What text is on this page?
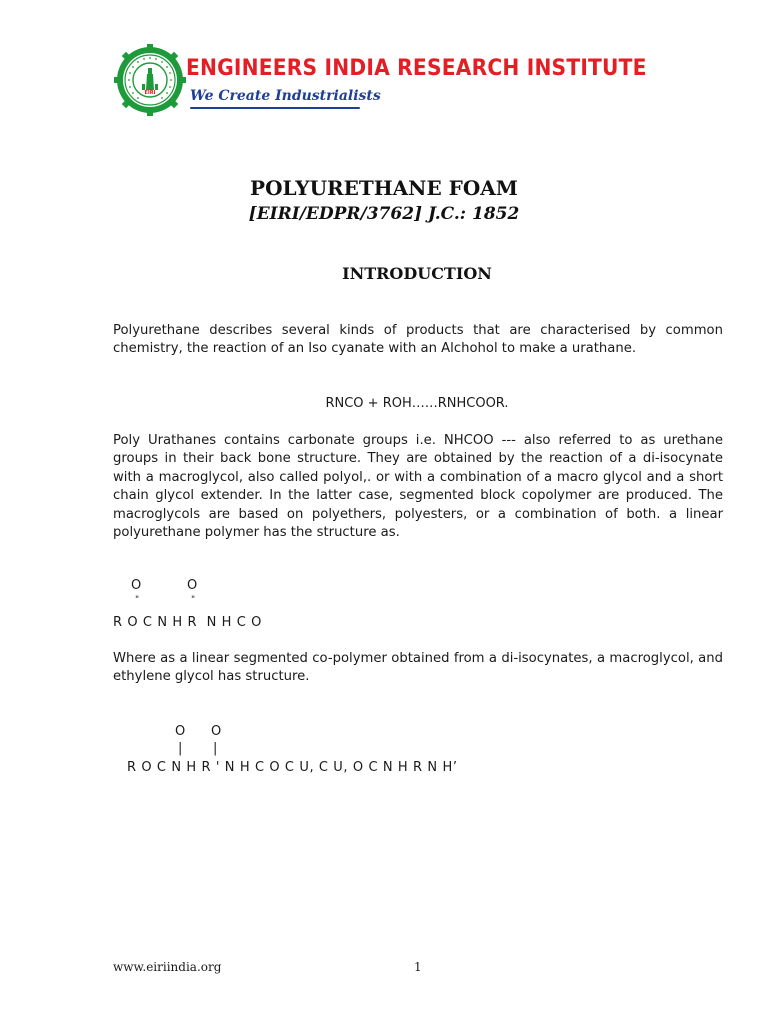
EIRI
ENGINEERS INDIA RESEARCH INSTITUTE
We Create Industrialists
POLYURETHANE FOAM
[EIRI/EDPR/3762] J.C.: 1852
INTRODUCTION
Polyurethane describes several kinds of products that are characterised by common chemistry, the reaction of an Iso cyanate with an Alchohol to make a urathane.
RNCO + ROH……RNHCOOR.
Poly Urathanes contains carbonate groups i.e. NHCOO --- also referred to as urethane groups in their back bone structure. They are obtained by the reaction of a di-isocynate with a macroglycol, also called polyol,. or with a combination of a macro glycol and a short chain glycol extender. In the latter case, segmented block copolymer are produced. The macroglycols are based on polyethers, polyesters, or a combination of both. a linear polyurethane polymer has the structure as.
O	O
"	"
R O C N H R  N H C O
Where as a linear segmented co-polymer obtained from a di-isocynates, a macroglycol, and ethylene glycol has structure.
O O
| |
R O C N H R ' N H C O C U, C U, O C N H R N H’
www.eiriindia.org	1
